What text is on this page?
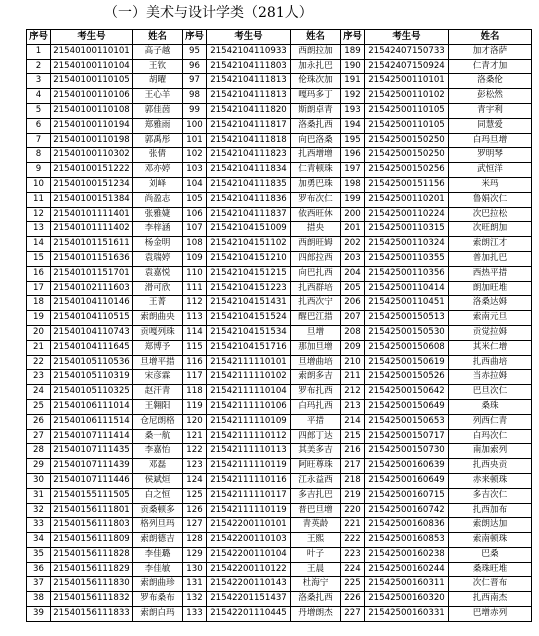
（一）美术与设计学类（281人）
序号	考生号	姓名	序号	考生号	姓名	序号	考生号	姓名
1	21540100110101	高子越	95	21542104110933	西朗拉加	189	21542407150733	加才洛萨
2	21540100110104	王钦	96	21542104111803	加永扎巴	190	21542407150924	仁青才加
3	21540100110105	胡曜	97	21542104111813	伦珠次加	191	21542500110101	洛桑伦
4	21540100110106	王心羊	98	21542104111813	嘎玛多丁	192	21542500110102	彭松然
5	21540100110108	郭佳茵	99	21542104111820	斯朗卓青	193	21542500110105	青宇利
6	21540100110194	郑雅雨	100	21542104111817	洛桑扎西	194	21542500110105	同慧爱
7	21540100110198	郭禹彤	101	21542104111818	向巴洛桑	195	21542500150250	白玛旦增
8	21540100110302	张倩	102	21542104111823	扎西增增	196	21542500150250	罗明琴
9	21540100151222	邓亦婷	103	21542104111834	仁青顿珠	197	21542500150256	武恒洋
10	21540100151234	刘峄	104	21542104111835	加勇巴珠	198	21542500151156	米玛
11	21540100151384	尚盈志	105	21542104111836	罗布次仁	199	21542500110201	鲁娟次仁
12	21540101111401	张雅婕	106	21542104111837	依西旺休	200	21542500110224	次巴拉松
13	21540101111402	李梓涵	107	21542104151009	措央	201	21542500110315	次旺朗加
14	21540101151611	杨金明	108	21542104151102	西朗旺姆	202	21542500110324	索朗江才
15	21540101151636	袁瑞婷	109	21542104151210	四郎拉西	203	21542500110355	普加扎巴
16	21540101151701	袁嘉悦	110	21542104151215	向巴扎西	204	21542500110356	西热平措
17	21540102111603	滑可欣	111	21542104151223	扎西群培	205	21542500110414	朗加旺堆
18	21540104110146	王菁	112	21542104151431	扎西次宁	206	21542500110451	洛桑达姆
19	21540104110515	索朗曲央	113	21542104151524	醒巴江措	207	21542500150513	索南元旦
20	21540104110743	贡嘎列珠	114	21542104151534	旦增	208	21542500150530	贡觉拉姆
21	21540104111645	郑博予	115	21542104151716	那加旦增	209	21542500150608	其米仁增
22	21540105110536	旦增平措	116	21542111110101	旦增曲培	210	21542500150619	扎西曲培
23	21540105110319	宋彦霖	117	21542111110102	索朗多吉	211	21542500150526	当赤拉姆
24	21540105110325	赵汗青	118	21542111110104	罗布扎西	212	21542500150642	巴旦次仁
25	21540106111014	王翱阳	119	21542111110106	白玛扎西	213	21542500150649	桑珠
26	21540106111514	仓尼朗格	120	21542111110109	平措	214	21542500150653	列西仁青
27	21540107111414	桑一航	121	21542111110112	四郎丁达	215	21542500150717	白玛次仁
28	21540107111435	李嘉怡	122	21542111110113	其美多吉	216	21542500150730	南加索列
29	21540107111439	邓磊	123	21542111110119	阿旺尊珠	217	21542500160639	扎西央贡
30	21540107111446	侯斌烜	124	21542111110116	江永益西	218	21542500160649	赤来顿珠
31	21540155111505	白之恒	125	21542111110117	多吉扎巴	219	21542500160715	多吉次仁
32	21540156111801	贡桑顿多	126	21542111110119	普巴旦增	220	21542500160742	扎西加布
33	21540156111803	格列旦玛	127	21542200110101	青英龄	221	21542500160836	索朗达加
34	21540156111809	索朗德吉	128	21542200110103	王熙	222	21542500160853	索南顿珠
35	21540156111828	李佳璐	129	21542200110104	叶子	223	21542500160238	巴桑
36	21540156111829	李佳敏	130	21542200110122	王晨	224	21542500160244	桑珠旺堆
37	21540156111830	索朗曲珍	131	21542200110143	杜海宁	225	21542500160311	次仁晋布
38	21540156111832	罗布桑布	132	21542201151437	洛桑扎西	226	21542500160320	扎西南杰
39	21540156111833	索朗白玛	133	21542201110445	丹增朗杰	227	21542500160331	巴增赤列
